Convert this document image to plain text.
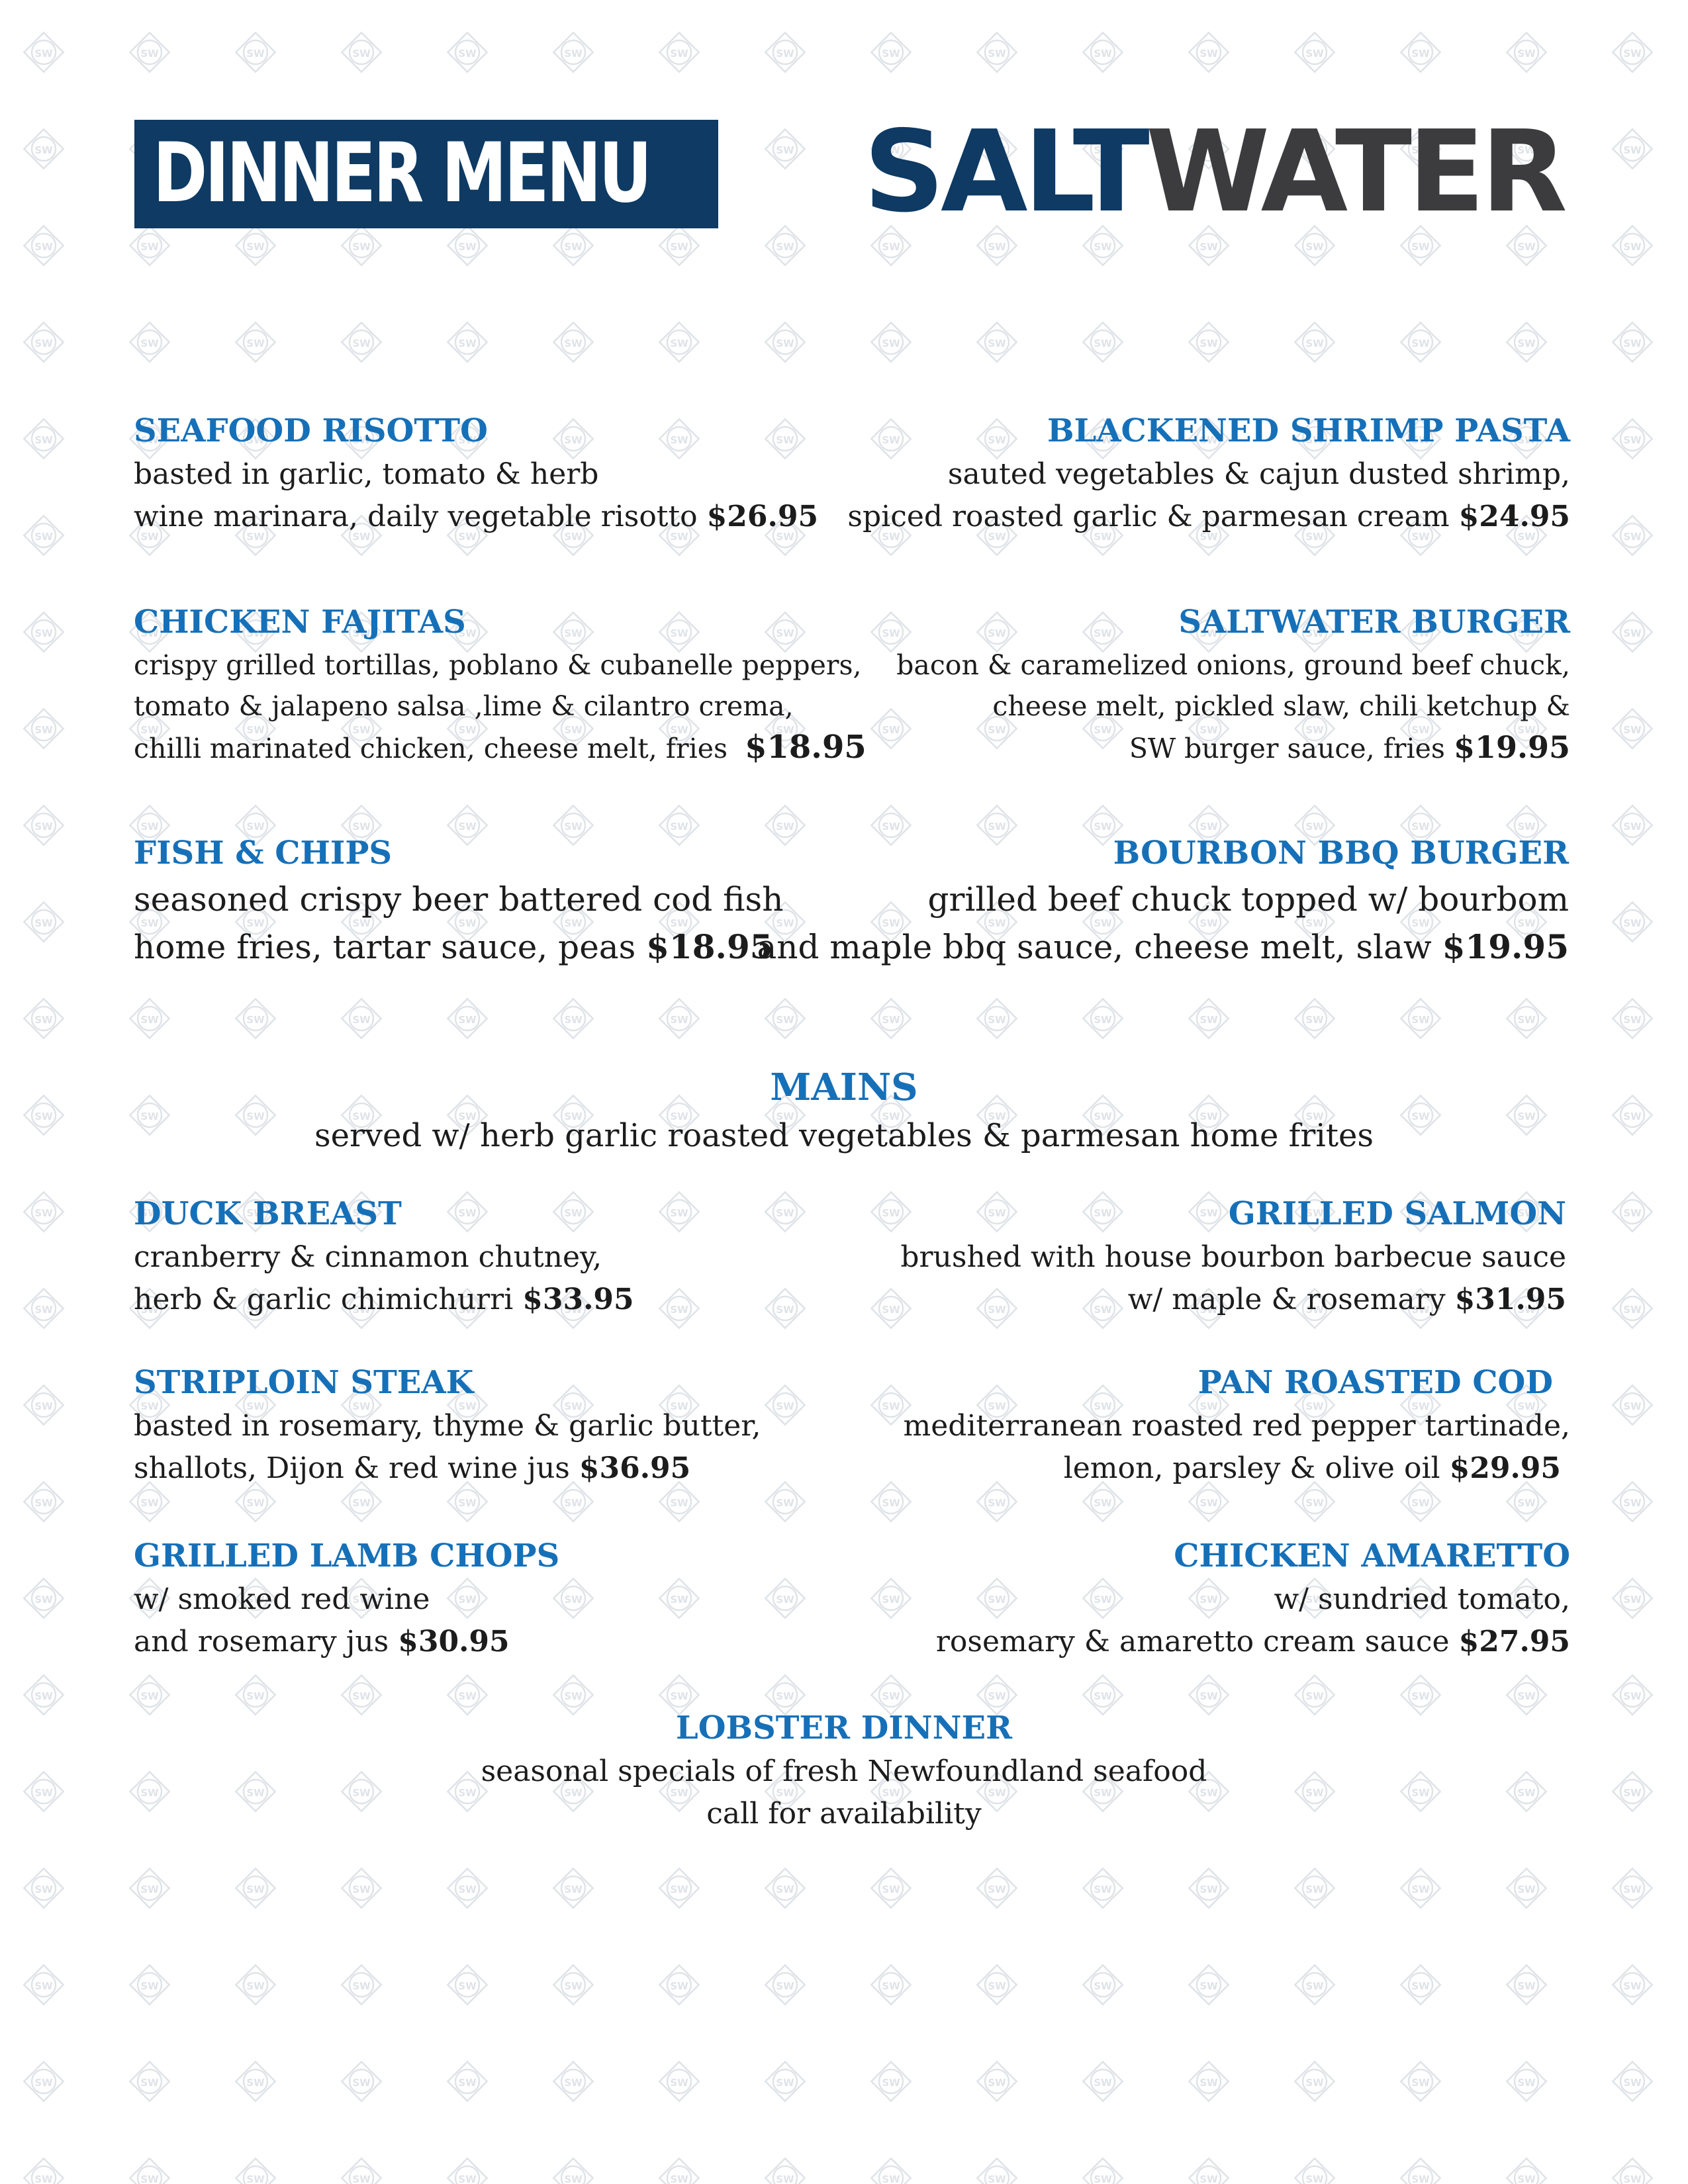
DINNER MENU SALTWATER
SEAFOOD RISOTTO
basted in garlic, tomato & herb
wine marinara, daily vegetable risotto $26.95
BLACKENED SHRIMP PASTA
sauted vegetables & cajun dusted shrimp,
spiced roasted garlic & parmesan cream $24.95
CHICKEN FAJITAS
crispy grilled tortillas, poblano & cubanelle peppers,
tomato & jalapeno salsa ,lime & cilantro crema,
chilli marinated chicken, cheese melt, fries $18.95
SALTWATER BURGER
bacon & caramelized onions, ground beef chuck,
cheese melt, pickled slaw, chili ketchup &
SW burger sauce, fries $19.95
FISH & CHIPS
seasoned crispy beer battered cod fish
home fries, tartar sauce, peas $18.95
BOURBON BBQ BURGER
grilled beef chuck topped w/ bourbom
and maple bbq sauce, cheese melt, slaw $19.95
MAINS
served w/ herb garlic roasted vegetables & parmesan home frites
DUCK BREAST
cranberry & cinnamon chutney,
herb & garlic chimichurri $33.95
GRILLED SALMON
brushed with house bourbon barbecue sauce
w/ maple & rosemary $31.95
STRIPLOIN STEAK
basted in rosemary, thyme & garlic butter,
shallots, Dijon & red wine jus $36.95
PAN ROASTED COD
mediterranean roasted red pepper tartinade,
lemon, parsley & olive oil $29.95
GRILLED LAMB CHOPS
w/ smoked red wine
and rosemary jus $30.95
CHICKEN AMARETTO
w/ sundried tomato,
rosemary & amaretto cream sauce $27.95
LOBSTER DINNER
seasonal specials of fresh Newfoundland seafood
call for availability
